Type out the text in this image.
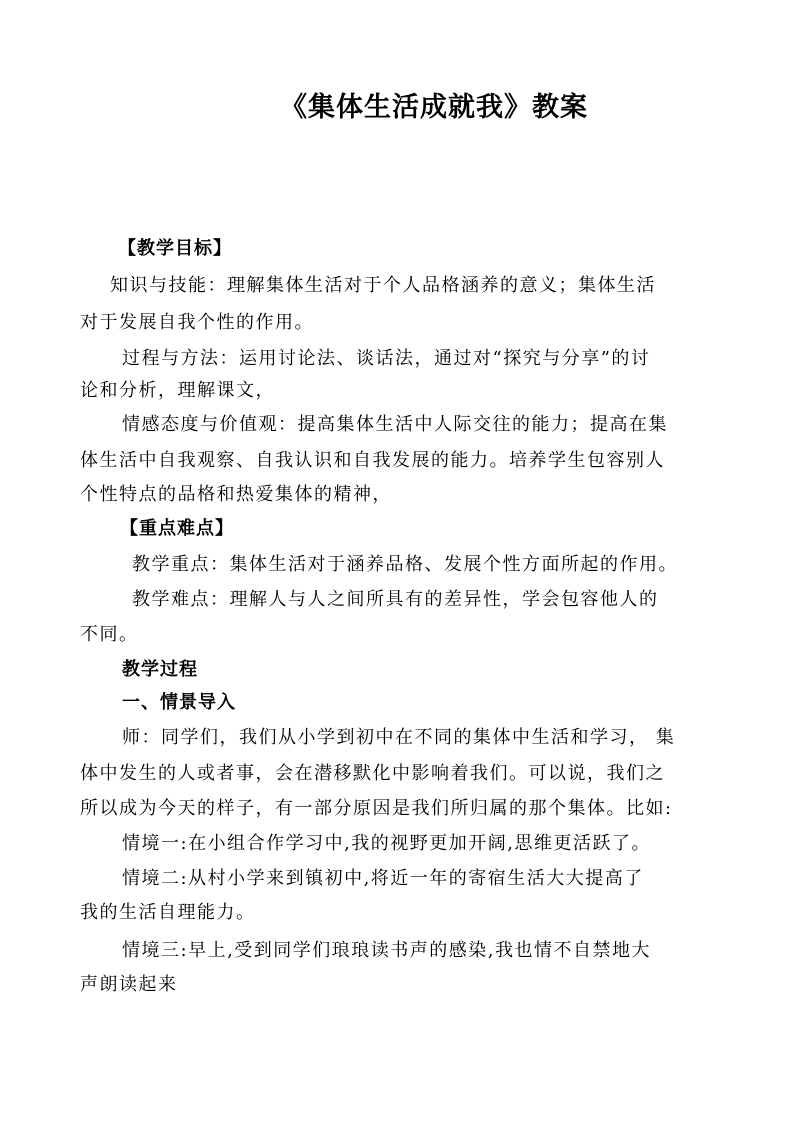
《集体生活成就我》教案
【教学目标】
知识与技能：理解集体生活对于个人品格涵养的意义；集体生活
对于发展自我个性的作用。
过程与方法：运用讨论法、谈话法，通过对“探究与分享”的讨
论和分析，理解课文，
情感态度与价值观：提高集体生活中人际交往的能力；提高在集
体生活中自我观察、自我认识和自我发展的能力。培养学生包容别人
个性特点的品格和热爱集体的精神，
【重点难点】
教学重点：集体生活对于涵养品格、发展个性方面所起的作用。
教学难点：理解人与人之间所具有的差异性，学会包容他人的
不同。
教学过程
一、情景导入
师：同学们，我们从小学到初中在不同的集体中生活和学习， 集
体中发生的人或者事，会在潜移默化中影响着我们。可以说，我们之
所以成为今天的样子，有一部分原因是我们所归属的那个集体。比如:
情境一:在小组合作学习中,我的视野更加开阔,思维更活跃了。
情境二:从村小学来到镇初中,将近一年的寄宿生活大大提高了
我的生活自理能力。
情境三:早上,受到同学们琅琅读书声的感染,我也情不自禁地大
声朗读起来
